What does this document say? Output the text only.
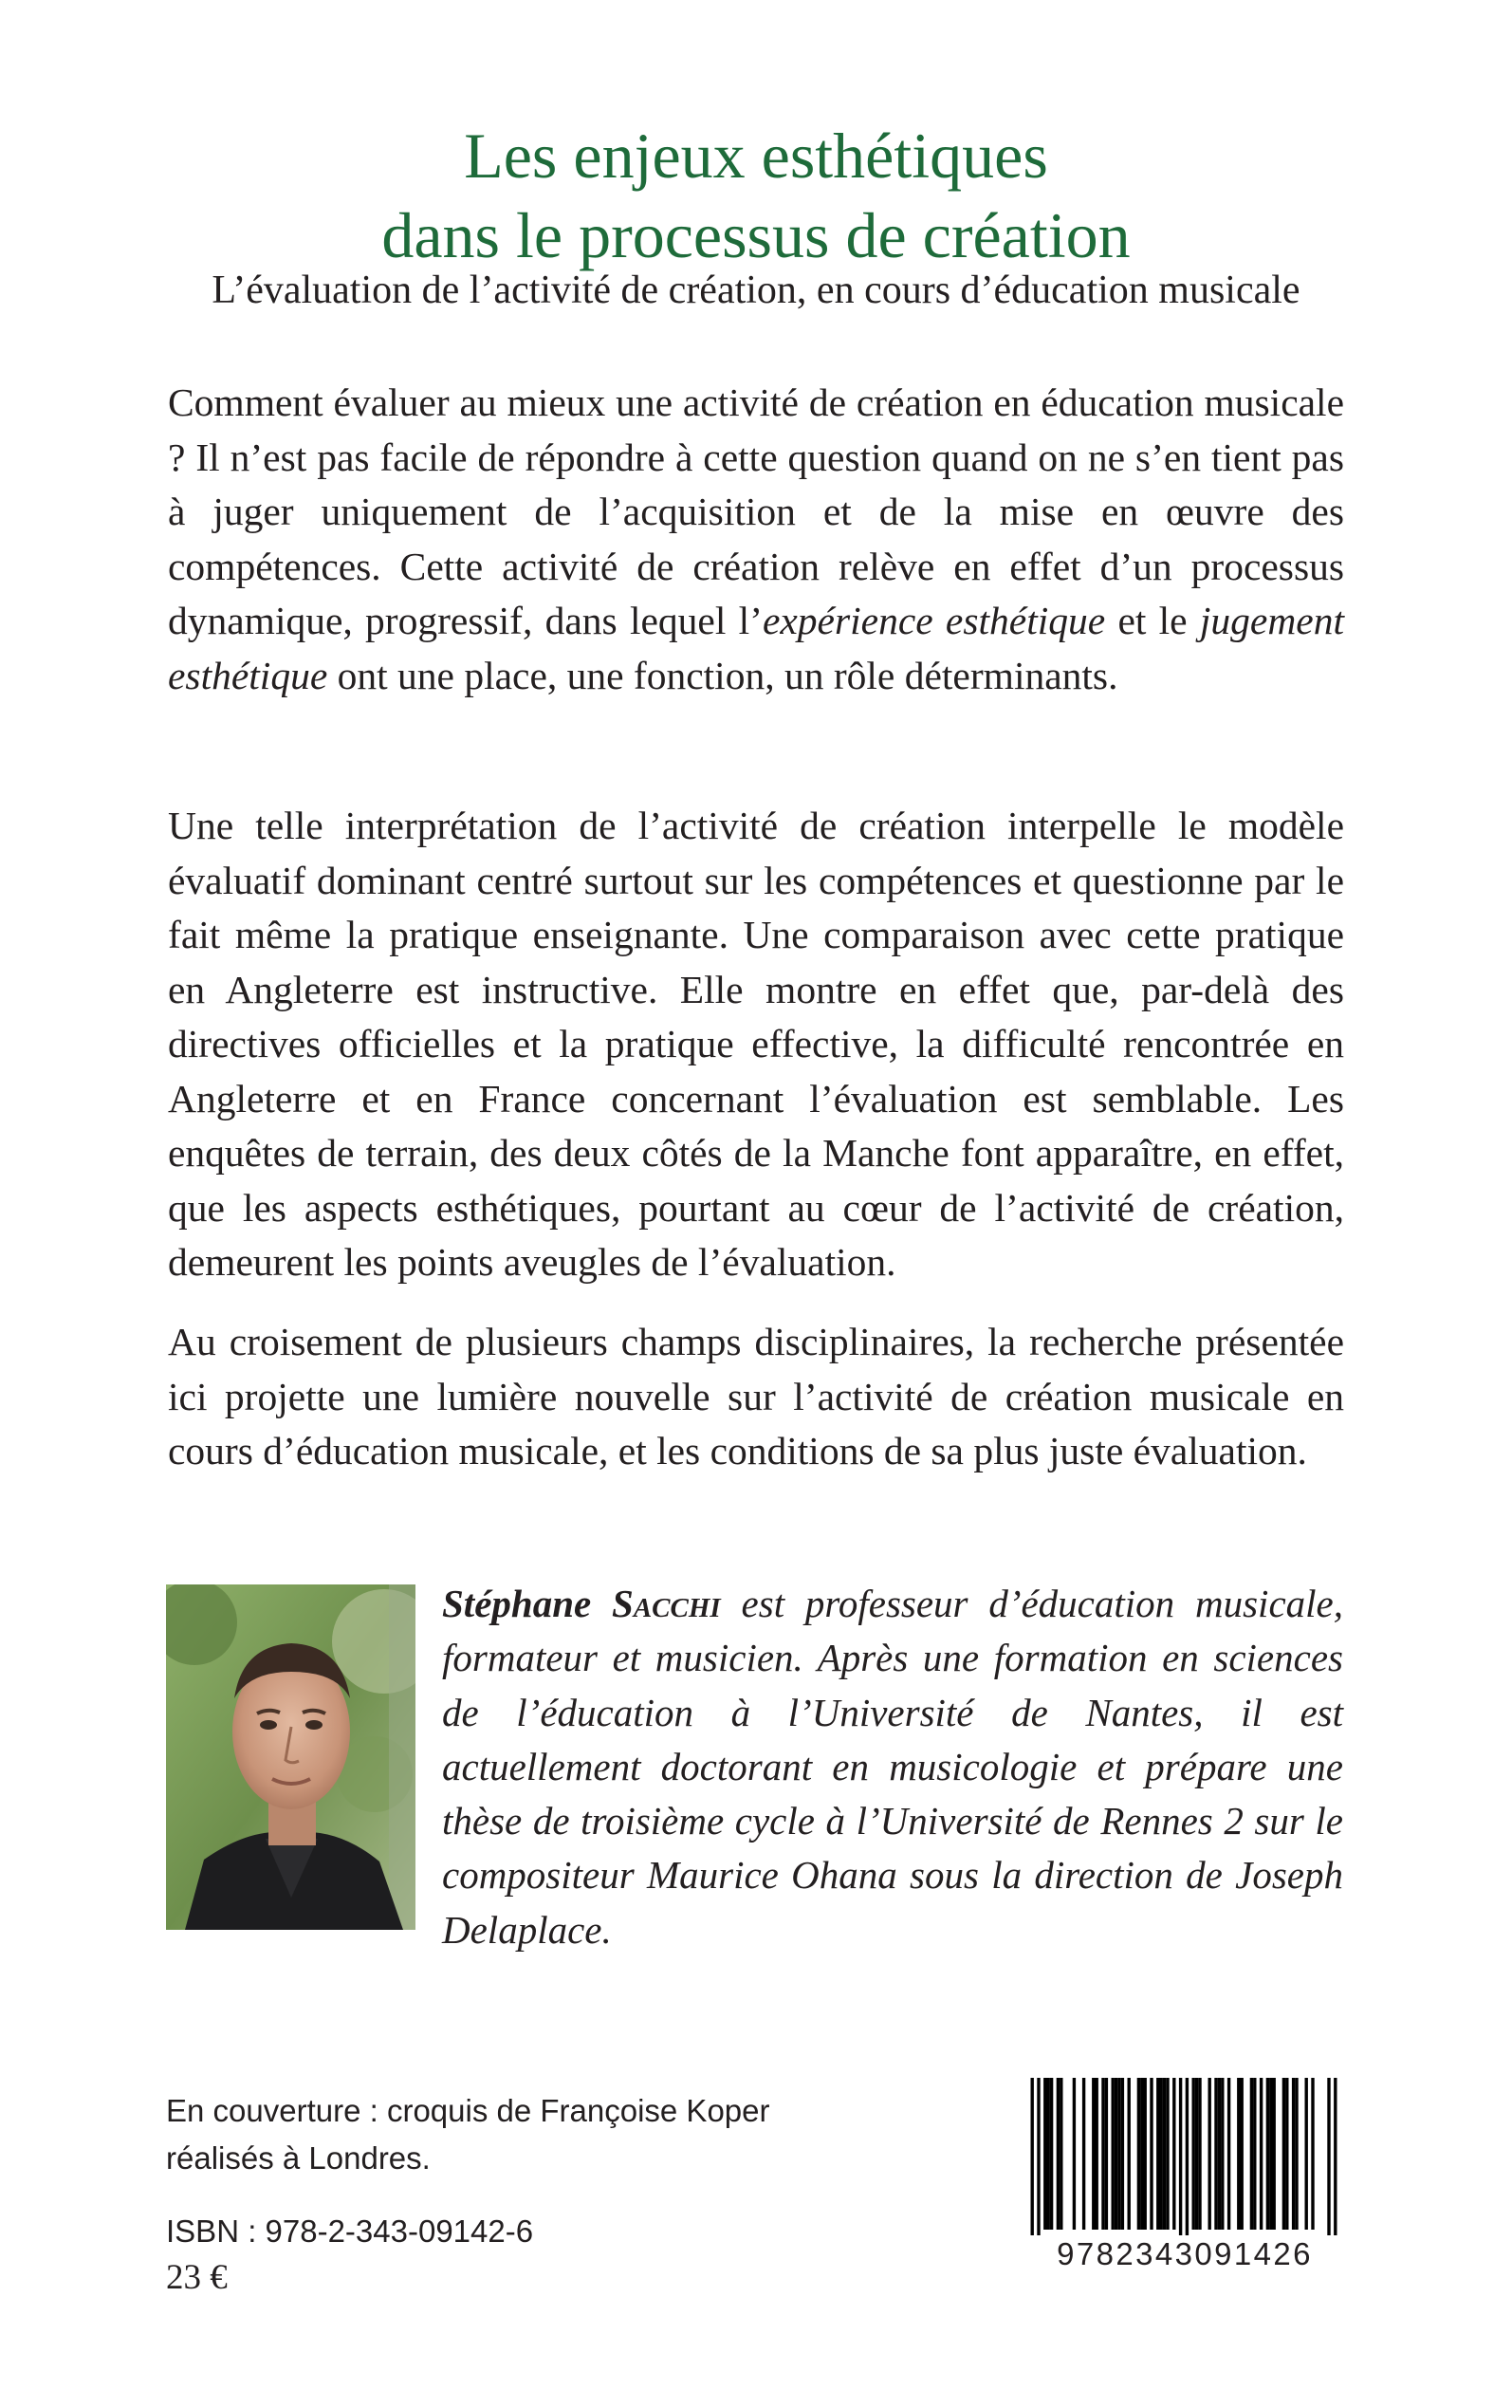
Les enjeux esthétiques
dans le processus de création

L’évaluation de l’activité de création, en cours d’éducation musicale

Comment évaluer au mieux une activité de création en éducation musicale ? Il n’est pas facile de répondre à cette question quand on ne s’en tient pas à juger uniquement de l’acquisition et de la mise en œuvre des compétences. Cette activité de création relève en effet d’un processus dynamique, progressif, dans lequel l’expérience esthétique et le jugement esthétique ont une place, une fonction, un rôle déterminants.

Une telle interprétation de l’activité de création interpelle le modèle évaluatif dominant centré surtout sur les compétences et questionne par le fait même la pratique enseignante. Une comparaison avec cette pratique en Angleterre est instructive. Elle montre en effet que, par-delà des directives officielles et la pratique effective, la difficulté rencontrée en Angleterre et en France concernant l’évaluation est semblable. Les enquêtes de terrain, des deux côtés de la Manche font apparaître, en effet, que les aspects esthétiques, pourtant au cœur de l’activité de création, demeurent les points aveugles de l’évaluation.

Au croisement de plusieurs champs disciplinaires, la recherche présentée ici projette une lumière nouvelle sur l’activité de création musicale en cours d’éducation musicale, et les conditions de sa plus juste évaluation.

Stéphane Sacchi est professeur d’éducation musicale, formateur et musicien. Après une formation en sciences de l’éducation à l’Université de Nantes, il est actuellement doctorant en musicologie et prépare une thèse de troisième cycle à l’Université de Rennes 2 sur le compositeur Maurice Ohana sous la direction de Joseph Delaplace.

En couverture : croquis de Françoise Koper
réalisés à Londres.

ISBN : 978-2-343-09142-6

23 €

9782343091426
